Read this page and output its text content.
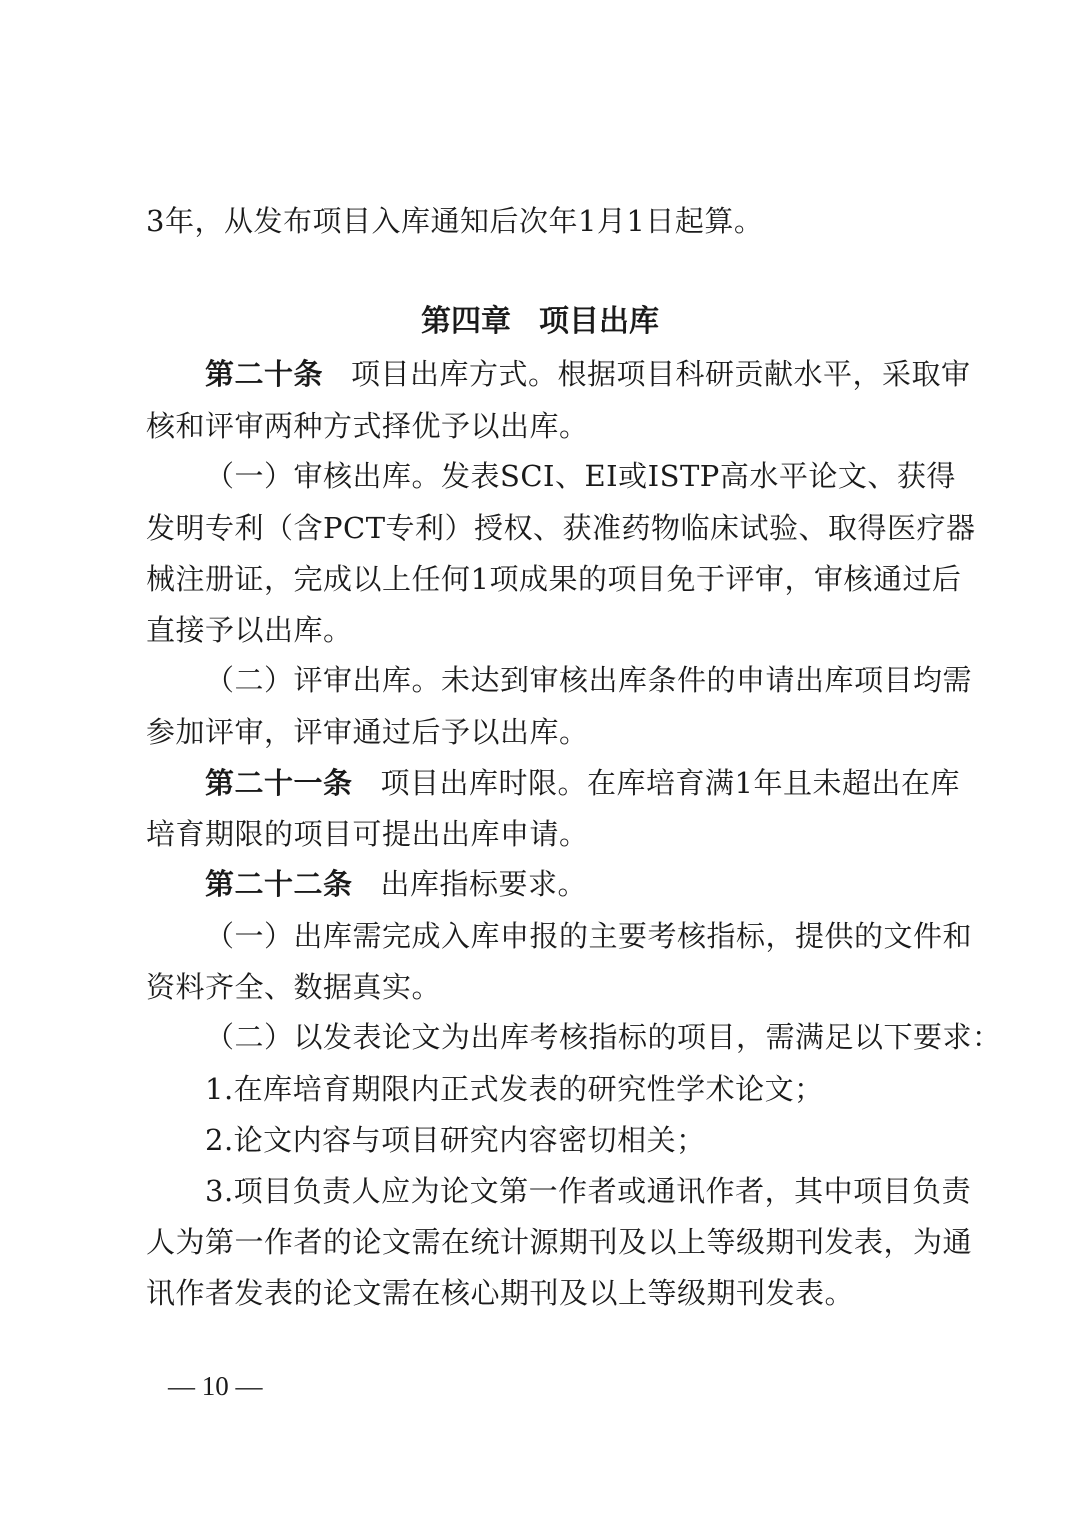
3年，从发布项目入库通知后次年1月1日起算。
第四章 项目出库
第二十条 项目出库方式。根据项目科研贡献水平，采取审
核和评审两种方式择优予以出库。
（一）审核出库。发表SCI、EI或ISTP高水平论文、获得
发明专利（含PCT专利）授权、获准药物临床试验、取得医疗器
械注册证，完成以上任何1项成果的项目免于评审，审核通过后
直接予以出库。
（二）评审出库。未达到审核出库条件的申请出库项目均需
参加评审，评审通过后予以出库。
第二十一条 项目出库时限。在库培育满1年且未超出在库
培育期限的项目可提出出库申请。
第二十二条 出库指标要求。
（一）出库需完成入库申报的主要考核指标，提供的文件和
资料齐全、数据真实。
（二）以发表论文为出库考核指标的项目，需满足以下要求：
1.在库培育期限内正式发表的研究性学术论文；
2.论文内容与项目研究内容密切相关；
3.项目负责人应为论文第一作者或通讯作者，其中项目负责
人为第一作者的论文需在统计源期刊及以上等级期刊发表，为通
讯作者发表的论文需在核心期刊及以上等级期刊发表。
— 10 —
